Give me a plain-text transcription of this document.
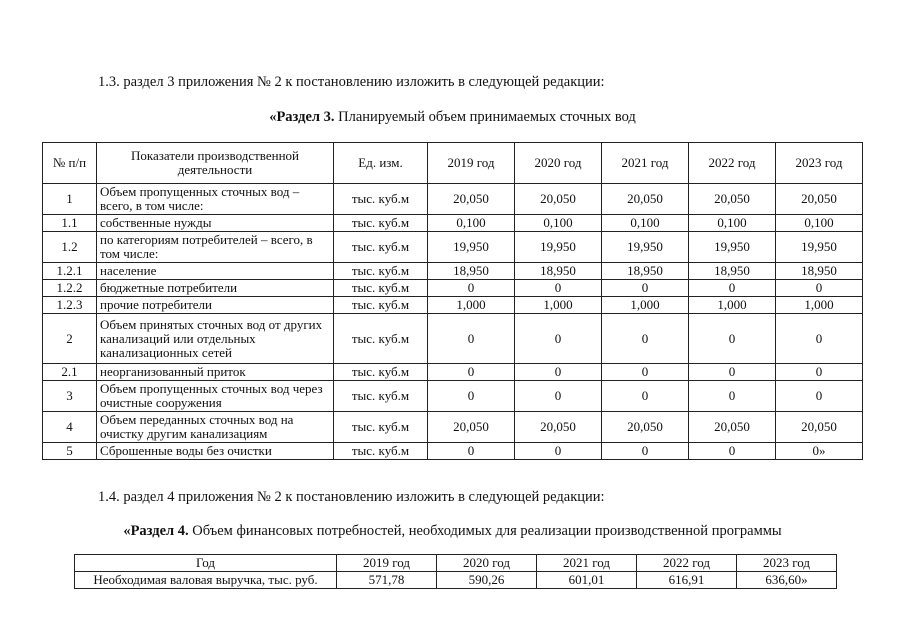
1.3. раздел 3 приложения № 2 к постановлению изложить в следующей редакции:
«Раздел 3. Планируемый объем принимаемых сточных вод
№ п/п	Показатели производственной деятельности	Ед. изм.	2019 год	2020 год	2021 год	2022 год	2023 год
1	Объем пропущенных сточных вод – всего, в том числе:	тыс. куб.м	20,050	20,050	20,050	20,050	20,050
1.1	собственные нужды	тыс. куб.м	0,100	0,100	0,100	0,100	0,100
1.2	по категориям потребителей – всего, в том числе:	тыс. куб.м	19,950	19,950	19,950	19,950	19,950
1.2.1	население	тыс. куб.м	18,950	18,950	18,950	18,950	18,950
1.2.2	бюджетные потребители	тыс. куб.м	0	0	0	0	0
1.2.3	прочие потребители	тыс. куб.м	1,000	1,000	1,000	1,000	1,000
2	Объем принятых сточных вод от других канализаций или отдельных канализационных сетей	тыс. куб.м	0	0	0	0	0
2.1	неорганизованный приток	тыс. куб.м	0	0	0	0	0
3	Объем пропущенных сточных вод через очистные сооружения	тыс. куб.м	0	0	0	0	0
4	Объем переданных сточных вод на очистку другим канализациям	тыс. куб.м	20,050	20,050	20,050	20,050	20,050
5	Сброшенные воды без очистки	тыс. куб.м	0	0	0	0	0»
1.4. раздел 4 приложения № 2 к постановлению изложить в следующей редакции:
«Раздел 4. Объем финансовых потребностей, необходимых для реализации производственной программы
Год	2019 год	2020 год	2021 год	2022 год	2023 год
Необходимая валовая выручка, тыс. руб.	571,78	590,26	601,01	616,91	636,60»
